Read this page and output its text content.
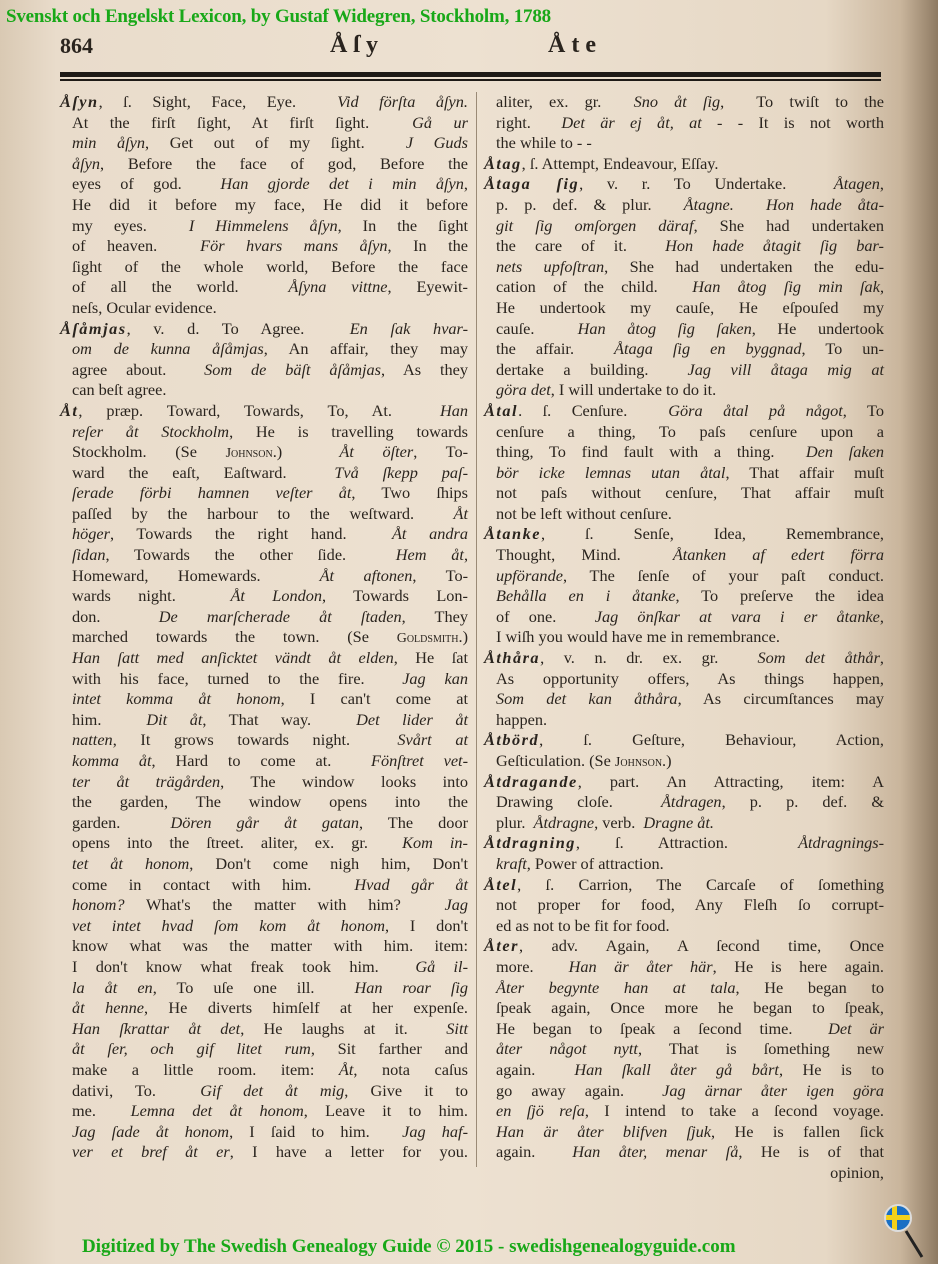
Svenskt och Engelskt Lexicon, by Gustaf Widegren, Stockholm, 1788
864	Åſy	Åte
Åſyn, ſ. Sight, Face, Eye.  Vid förſta åſyn.
At the firſt ſight, At firſt ſight.  Gå ur
min åſyn, Get out of my ſight.  J Guds
åſyn, Before the face of god, Before the
eyes of god.  Han gjorde det i min åſyn,
He did it before my face, He did it before
my eyes.  I Himmelens åſyn, In the ſight
of heaven.  För hvars mans åſyn, In the
ſight of the whole world, Before the face
of all the world.  Åſyna vittne, Eyewit-
neſs, Ocular evidence.
Åſåmjas, v. d. To Agree.  En ſak hvar-
om de kunna åſåmjas, An affair, they may
agree about.  Som de bäſt åſåmjas, As they
can beſt agree.
Åt, præp. Toward, Towards, To, At.  Han
reſer åt Stockholm, He is travelling towards
Stockholm. (Se Johnson.)  Åt öſter, To-
ward the eaſt, Eaſtward.  Två ſkepp paſ-
ſerade förbi hamnen veſter åt, Two ſhips
paſſed by the harbour to the weſtward.  Åt
höger, Towards the right hand.  Åt andra
ſidan, Towards the other ſide.  Hem åt,
Homeward, Homewards.  Åt aftonen, To-
wards night.  Åt London, Towards Lon-
don.  De marſcherade åt ſtaden, They
marched towards the town. (Se Goldsmith.)
Han ſatt med anſicktet vändt åt elden, He ſat
with his face, turned to the fire.  Jag kan
intet komma åt honom, I can't come at
him.  Dit åt, That way.  Det lider åt
natten, It grows towards night.  Svårt at
komma åt, Hard to come at.  Fönſtret vet-
ter åt trägården, The window looks into
the garden, The window opens into the
garden.  Dören går åt gatan, The door
opens into the ſtreet. aliter, ex. gr.  Kom in-
tet åt honom, Don't come nigh him, Don't
come in contact with him.  Hvad går åt
honom? What's the matter with him?  Jag
vet intet hvad ſom kom åt honom, I don't
know what was the matter with him. item:
I don't know what freak took him.  Gå il-
la åt en, To uſe one ill.  Han roar ſig
åt henne, He diverts himſelf at her expenſe.
Han ſkrattar åt det, He laughs at it.  Sitt
åt ſer, och gif litet rum, Sit farther and
make a little room. item: Åt, nota caſus
dativi, To.  Gif det åt mig, Give it to
me.  Lemna det åt honom, Leave it to him.
Jag ſade åt honom, I ſaid to him.  Jag haf-
ver et bref åt er, I have a letter for you.
aliter, ex. gr.  Sno åt ſig,  To twiſt to the
right.  Det är ej åt, at - - It is not worth
the while to - -
Åtag, ſ. Attempt, Endeavour, Eſſay.
Åtaga ſig, v. r. To Undertake.  Åtagen,
p. p. def. & plur.  Åtagne.  Hon hade åta-
git ſig omſorgen däraf, She had undertaken
the care of it.  Hon hade åtagit ſig bar-
nets upfoſtran, She had undertaken the edu-
cation of the child.  Han åtog ſig min ſak,
He undertook my cauſe, He eſpouſed my
cauſe.  Han åtog ſig ſaken, He undertook
the affair.  Åtaga ſig en byggnad, To un-
dertake a building.  Jag vill åtaga mig at
göra det, I will undertake to do it.
Åtal. ſ. Cenſure.  Göra åtal på något, To
cenſure a thing, To paſs cenſure upon a
thing, To find fault with a thing.  Den ſaken
bör icke lemnas utan åtal, That affair muſt
not paſs without cenſure, That affair muſt
not be left without cenſure.
Åtanke, ſ. Senſe, Idea, Remembrance,
Thought, Mind.  Åtanken af edert förra
upförande, The ſenſe of your paſt conduct.
Behålla en i åtanke, To preſerve the idea
of one.  Jag önſkar at vara i er åtanke,
I wiſh you would have me in remembrance.
Åthåra, v. n. dr. ex. gr.  Som det åthår,
As opportunity offers, As things happen,
Som det kan åthåra, As circumſtances may
happen.
Åtbörd, ſ. Geſture, Behaviour, Action,
Geſticulation. (Se Johnson.)
Åtdragande, part. An Attracting, item: A
Drawing cloſe.  Åtdragen, p. p. def. &
plur.  Åtdragne, verb.  Dragne åt.
Åtdragning, ſ. Attraction.  Åtdragnings-
kraft, Power of attraction.
Åtel, ſ. Carrion, The Carcaſe of ſomething
not proper for food, Any Fleſh ſo corrupt-
ed as not to be fit for food.
Åter, adv. Again, A ſecond time, Once
more.  Han är åter här, He is here again.
Åter begynte han at tala, He began to
ſpeak again, Once more he began to ſpeak,
He began to ſpeak a ſecond time.  Det är
åter något nytt, That is ſomething new
again.  Han ſkall åter gå bårt, He is to
go away again.  Jag ärnar åter igen göra
en ſjö reſa, I intend to take a ſecond voyage.
Han är åter blifven ſjuk, He is fallen ſick
again.  Han åter, menar ſå, He is of that
opinion,
Digitized by The Swedish Genealogy Guide © 2015 - swedishgenealogyguide.com
